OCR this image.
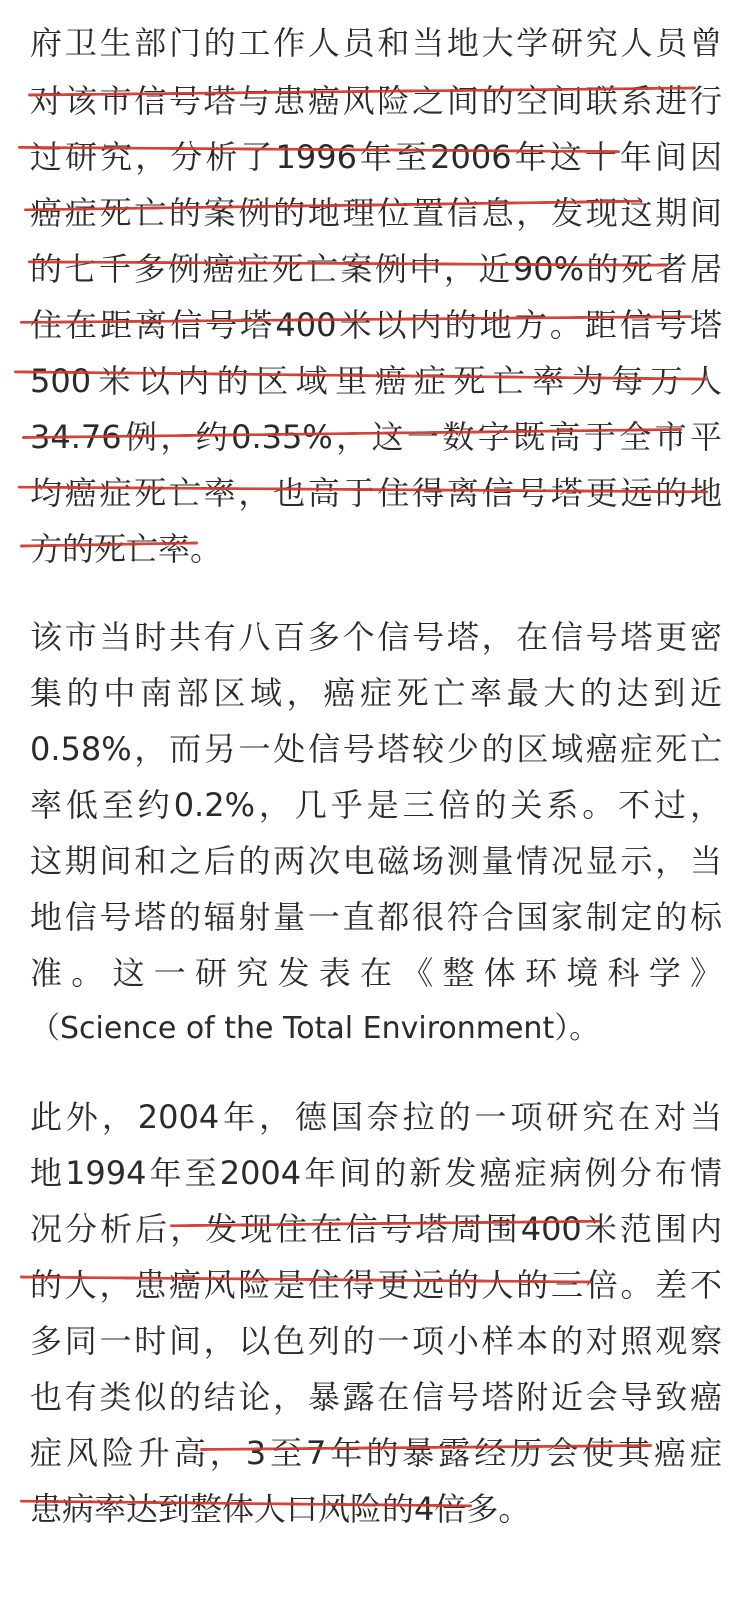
府卫生部门的工作人员和当地大学研究人员曾
对该市信号塔与患癌风险之间的空间联系进行
过研究，分析了1996年至2006年这十年间因
癌症死亡的案例的地理位置信息，发现这期间
的七千多例癌症死亡案例中，近90%的死者居
住在距离信号塔400米以内的地方。距信号塔
500米以内的区域里癌症死亡率为每万人
34.76例，约0.35%，这一数字既高于全市平
均癌症死亡率，也高于住得离信号塔更远的地
方的死亡率。
该市当时共有八百多个信号塔，在信号塔更密
集的中南部区域，癌症死亡率最大的达到近
0.58%，而另一处信号塔较少的区域癌症死亡
率低至约0.2%，几乎是三倍的关系。不过，
这期间和之后的两次电磁场测量情况显示，当
地信号塔的辐射量一直都很符合国家制定的标
准。这一研究发表在《整体环境科学》
（Science of the Total Environment）。
此外，2004年，德国奈拉的一项研究在对当
地1994年至2004年间的新发癌症病例分布情
况分析后，发现住在信号塔周围400米范围内
的人，患癌风险是住得更远的人的三倍。差不
多同一时间，以色列的一项小样本的对照观察
也有类似的结论，暴露在信号塔附近会导致癌
症风险升高，3至7年的暴露经历会使其癌症
患病率达到整体人口风险的4倍多。
